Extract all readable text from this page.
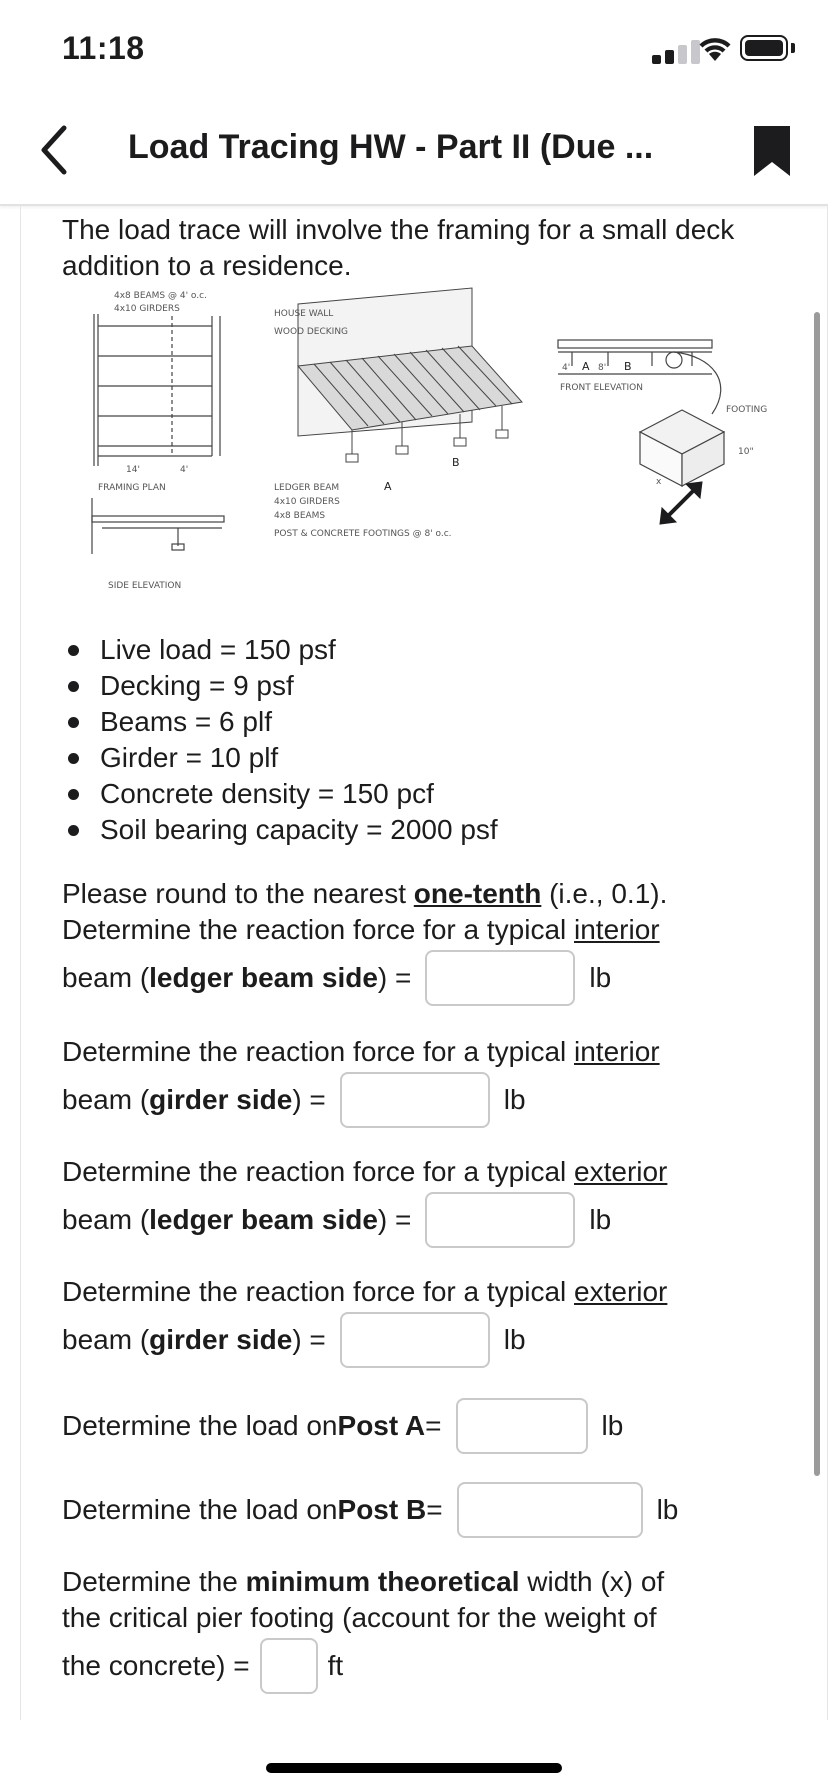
11:18
Load Tracing HW - Part II (Due ...
The load trace will involve the framing for a small deck addition to a residence.
4x8 BEAMS @ 4' o.c.
4x10 GIRDERS
14'	4'
FRAMING PLAN
SIDE ELEVATION
HOUSE WALL
WOOD DECKING
LEDGER BEAM
4x10 GIRDERS
4x8 BEAMS
POST & CONCRETE FOOTINGS @ 8' o.c.
A
B
4' A 8' B
FRONT ELEVATION
FOOTING
10"
x
Live load = 150 psf
Decking = 9 psf
Beams = 6 plf
Girder = 10 plf
Concrete density = 150 pcf
Soil bearing capacity = 2000 psf
Please round to the nearest one-tenth (i.e., 0.1).
Determine the reaction force for a typical interior
beam ( ledger beam side ) =	lb
Determine the reaction force for a typical interior
beam ( girder side ) =	lb
Determine the reaction force for a typical exterior
beam ( ledger beam side ) =	lb
Determine the reaction force for a typical exterior
beam ( girder side ) =	lb
Determine the load on Post A =	lb
Determine the load on Post B =	lb
Determine the minimum theoretical width (x) of
the critical pier footing (account for the weight of
the concrete) =	ft
